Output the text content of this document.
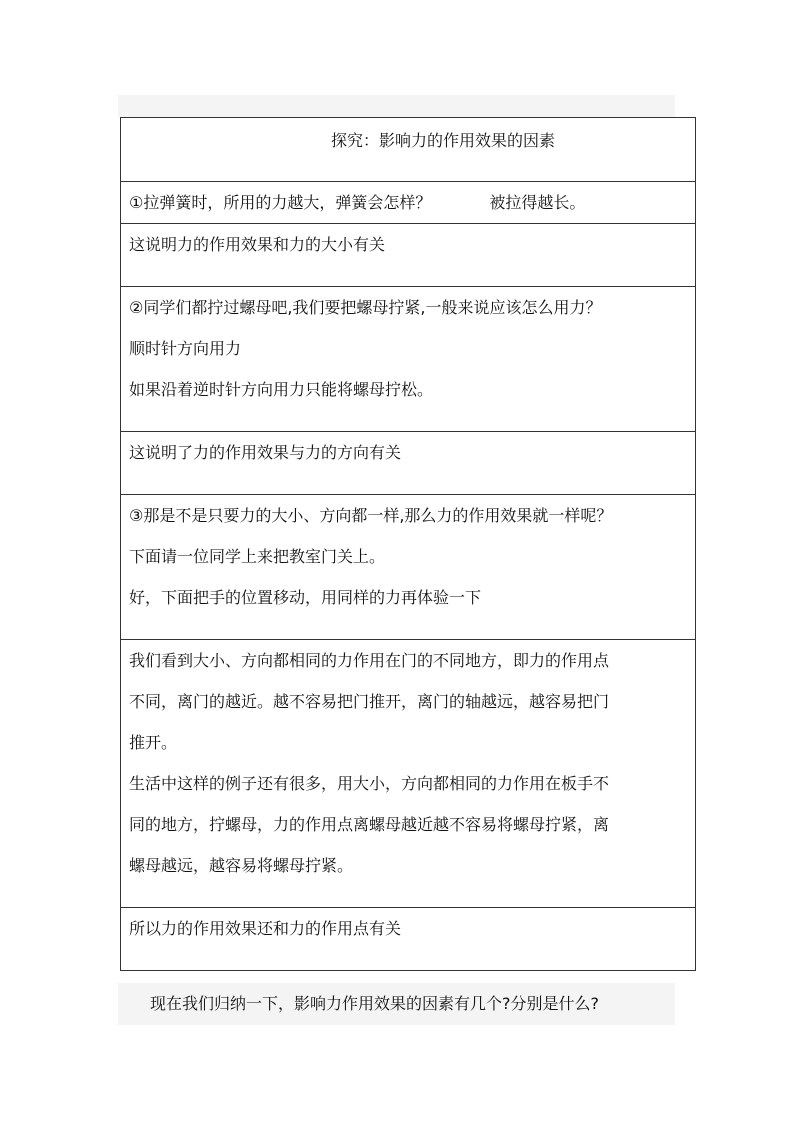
探究：影响力的作用效果的因素

①拉弹簧时，所用的力越大，弹簧会怎样？	被拉得越长。

这说明力的作用效果和力的大小有关

②同学们都拧过螺母吧,我们要把螺母拧紧,一般来说应该怎么用力？

顺时针方向用力

如果沿着逆时针方向用力只能将螺母拧松。

这说明了力的作用效果与力的方向有关

③那是不是只要力的大小、方向都一样,那么力的作用效果就一样呢？

下面请一位同学上来把教室门关上。

好，下面把手的位置移动，用同样的力再体验一下

我们看到大小、方向都相同的力作用在门的不同地方，即力的作用点

不同，离门的越近。越不容易把门推开，离门的轴越远，越容易把门

推开。

生活中这样的例子还有很多，用大小，方向都相同的力作用在板手不

同的地方，拧螺母，力的作用点离螺母越近越不容易将螺母拧紧，离

螺母越远，越容易将螺母拧紧。

所以力的作用效果还和力的作用点有关

现在我们归纳一下，影响力作用效果的因素有几个?分别是什么?
